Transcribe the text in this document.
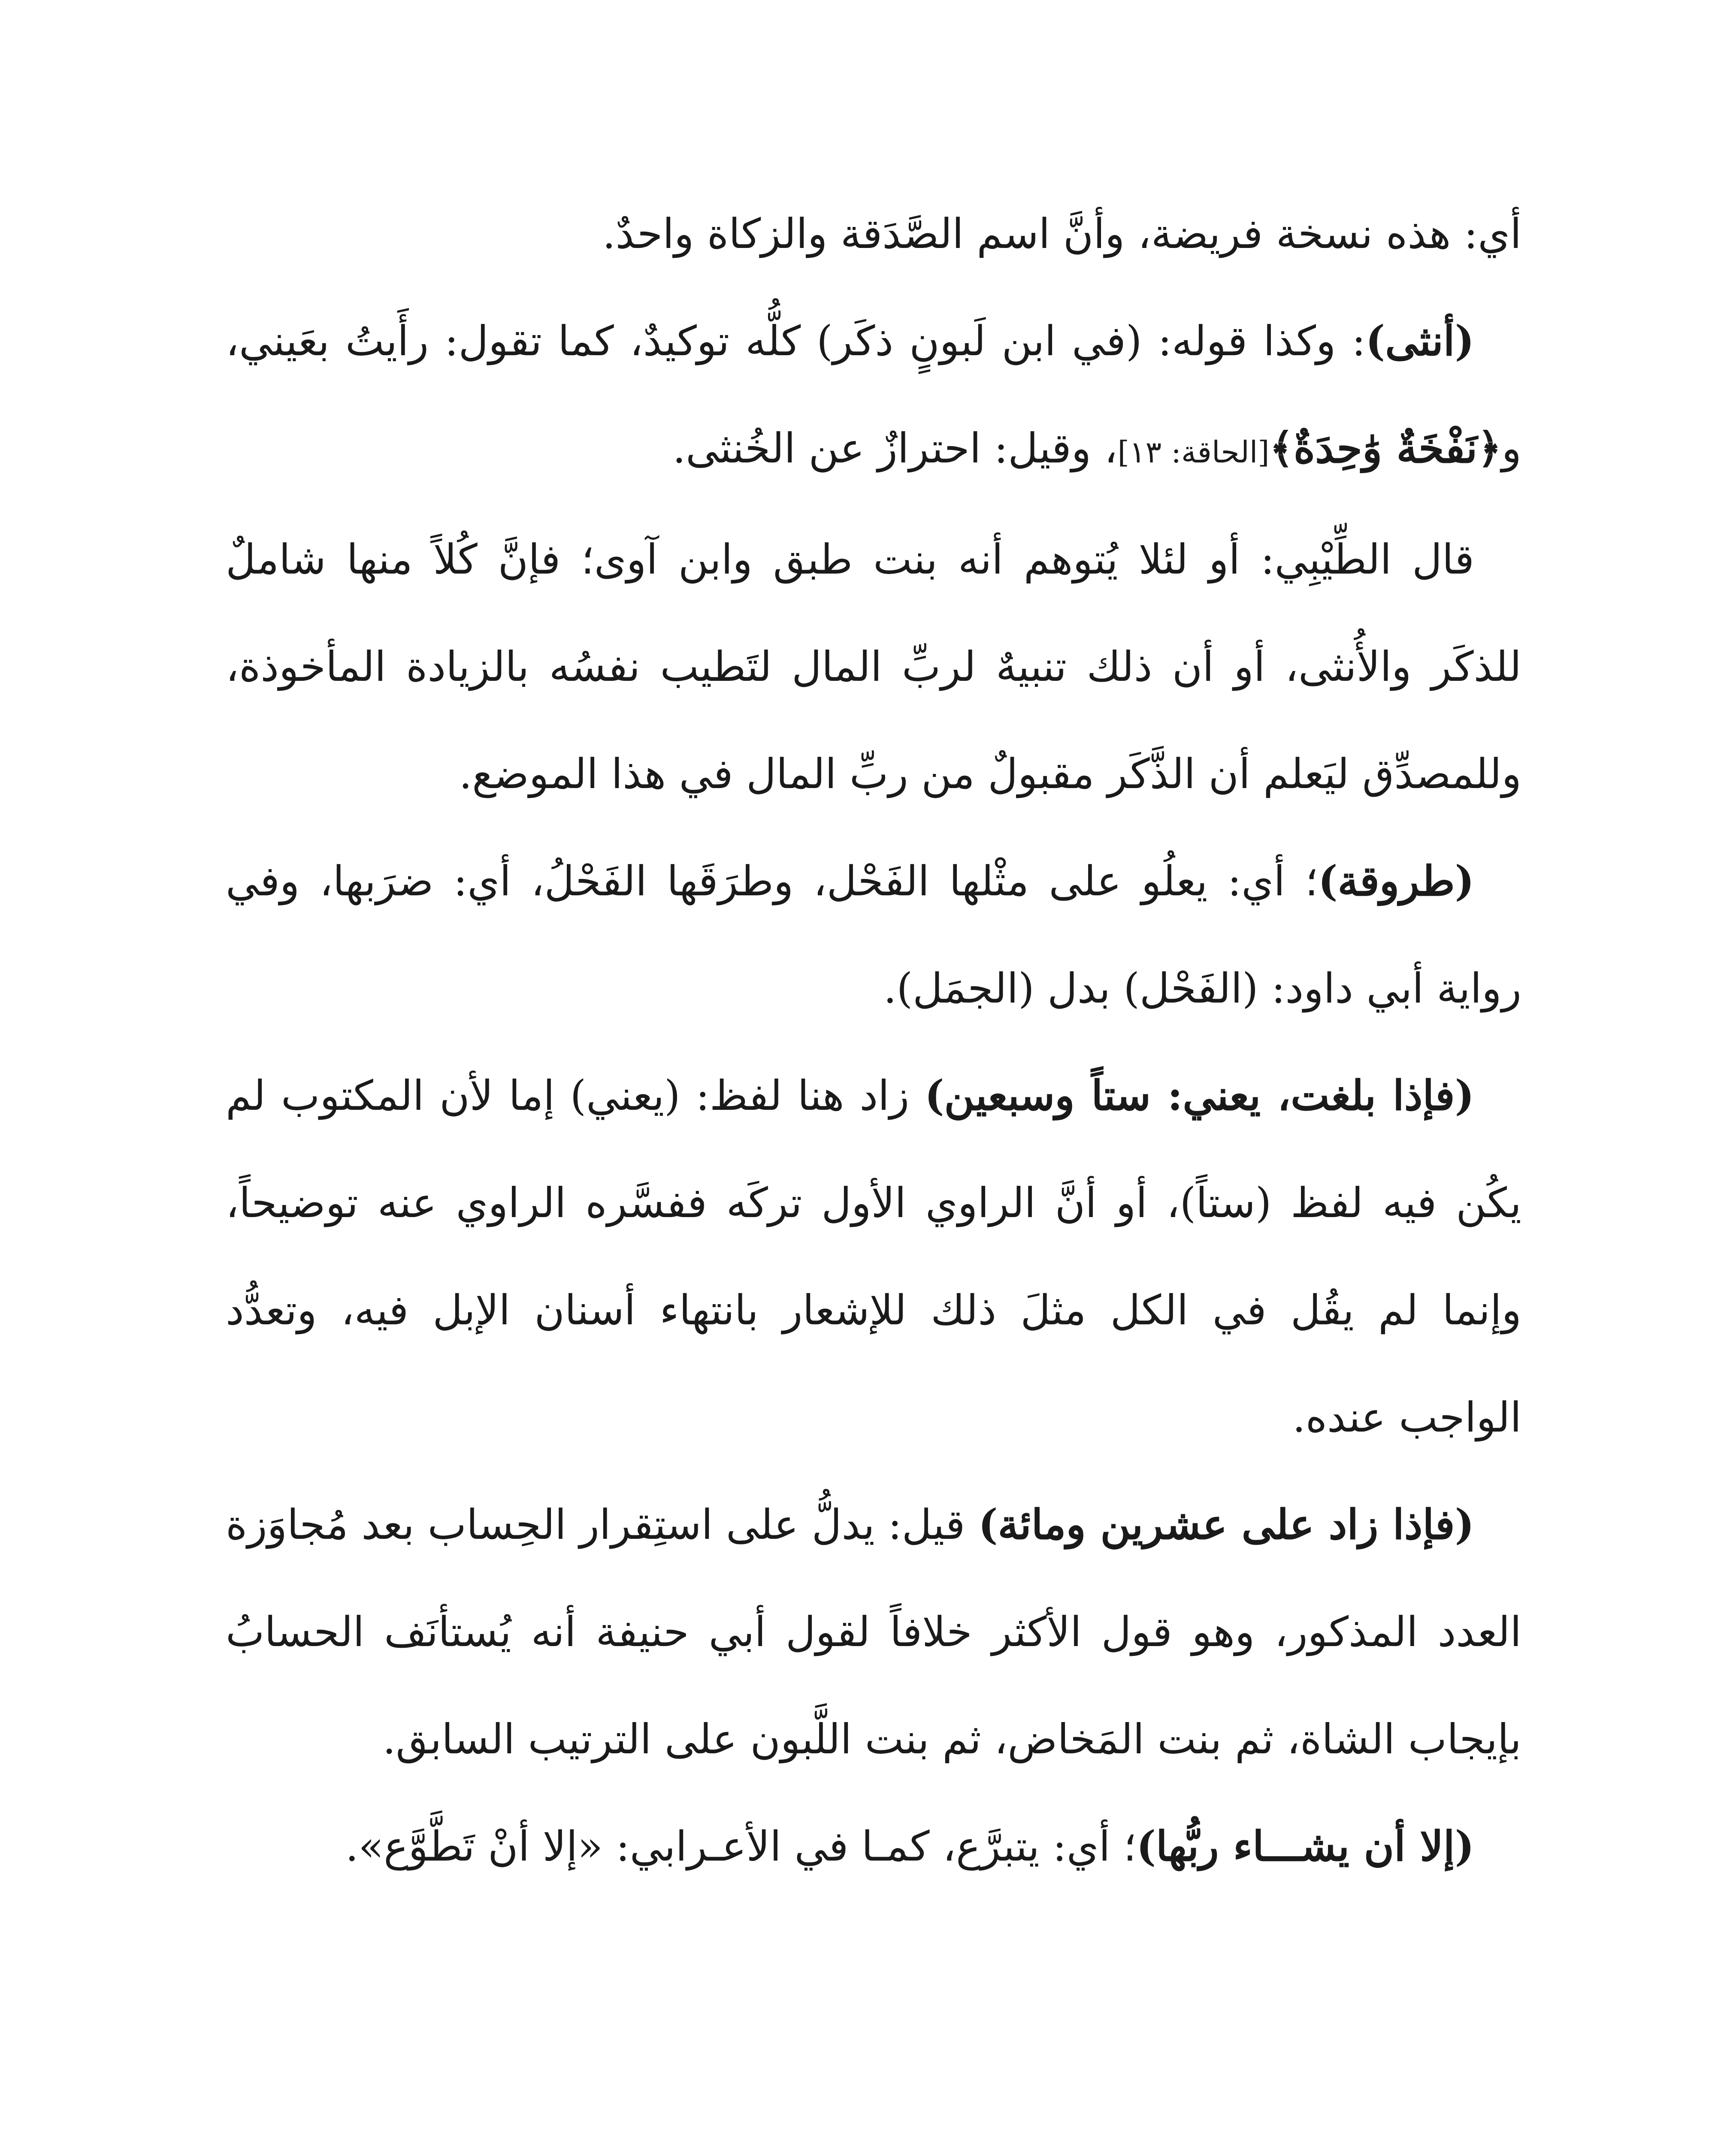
أي: هذه نسخة فريضة، وأنَّ اسم الصَّدَقة والزكاة واحدٌ.

(أنثى): وكذا قوله: (في ابن لَبونٍ ذكَر) كلُّه توكيدٌ، كما تقول: رأَيتُ بعَيني، و﴿نَفْخَةٌ وَٰحِدَةٌ﴾[الحاقة: ١٣]، وقيل: احترازٌ عن الخُنثى.

قال الطِّيْبِي: أو لئلا يُتوهم أنه بنت طبق وابن آوى؛ فإنَّ كُلاً منها شاملٌ للذكَر والأُنثى، أو أن ذلك تنبيهٌ لربِّ المال لتَطيب نفسُه بالزيادة المأخوذة، وللمصدِّق ليَعلم أن الذَّكَر مقبولٌ من ربِّ المال في هذا الموضع.

(طروقة)؛ أي: يعلُو على مثْلها الفَحْل، وطرَقَها الفَحْلُ، أي: ضرَبها، وفي رواية أبي داود: (الفَحْل) بدل (الجمَل).

(فإذا بلغت، يعني: ستاً وسبعين) زاد هنا لفظ: (يعني) إما لأن المكتوب لم يكُن فيه لفظ (ستاً)، أو أنَّ الراوي الأول تركَه ففسَّره الراوي عنه توضيحاً، وإنما لم يقُل في الكل مثلَ ذلك للإشعار بانتهاء أسنان الإبل فيه، وتعدُّد الواجب عنده.

(فإذا زاد على عشرين ومائة) قيل: يدلُّ على استِقرار الحِساب بعد مُجاوَزة العدد المذكور، وهو قول الأكثر خلافاً لقول أبي حنيفة أنه يُستأنَف الحسابُ بإيجاب الشاة، ثم بنت المَخاض، ثم بنت اللَّبون على الترتيب السابق.

(إلا أن يشـــاء ربُّها)؛ أي: يتبرَّع، كمـا في الأعـرابي: «إلا أنْ تَطَّوَّع».
